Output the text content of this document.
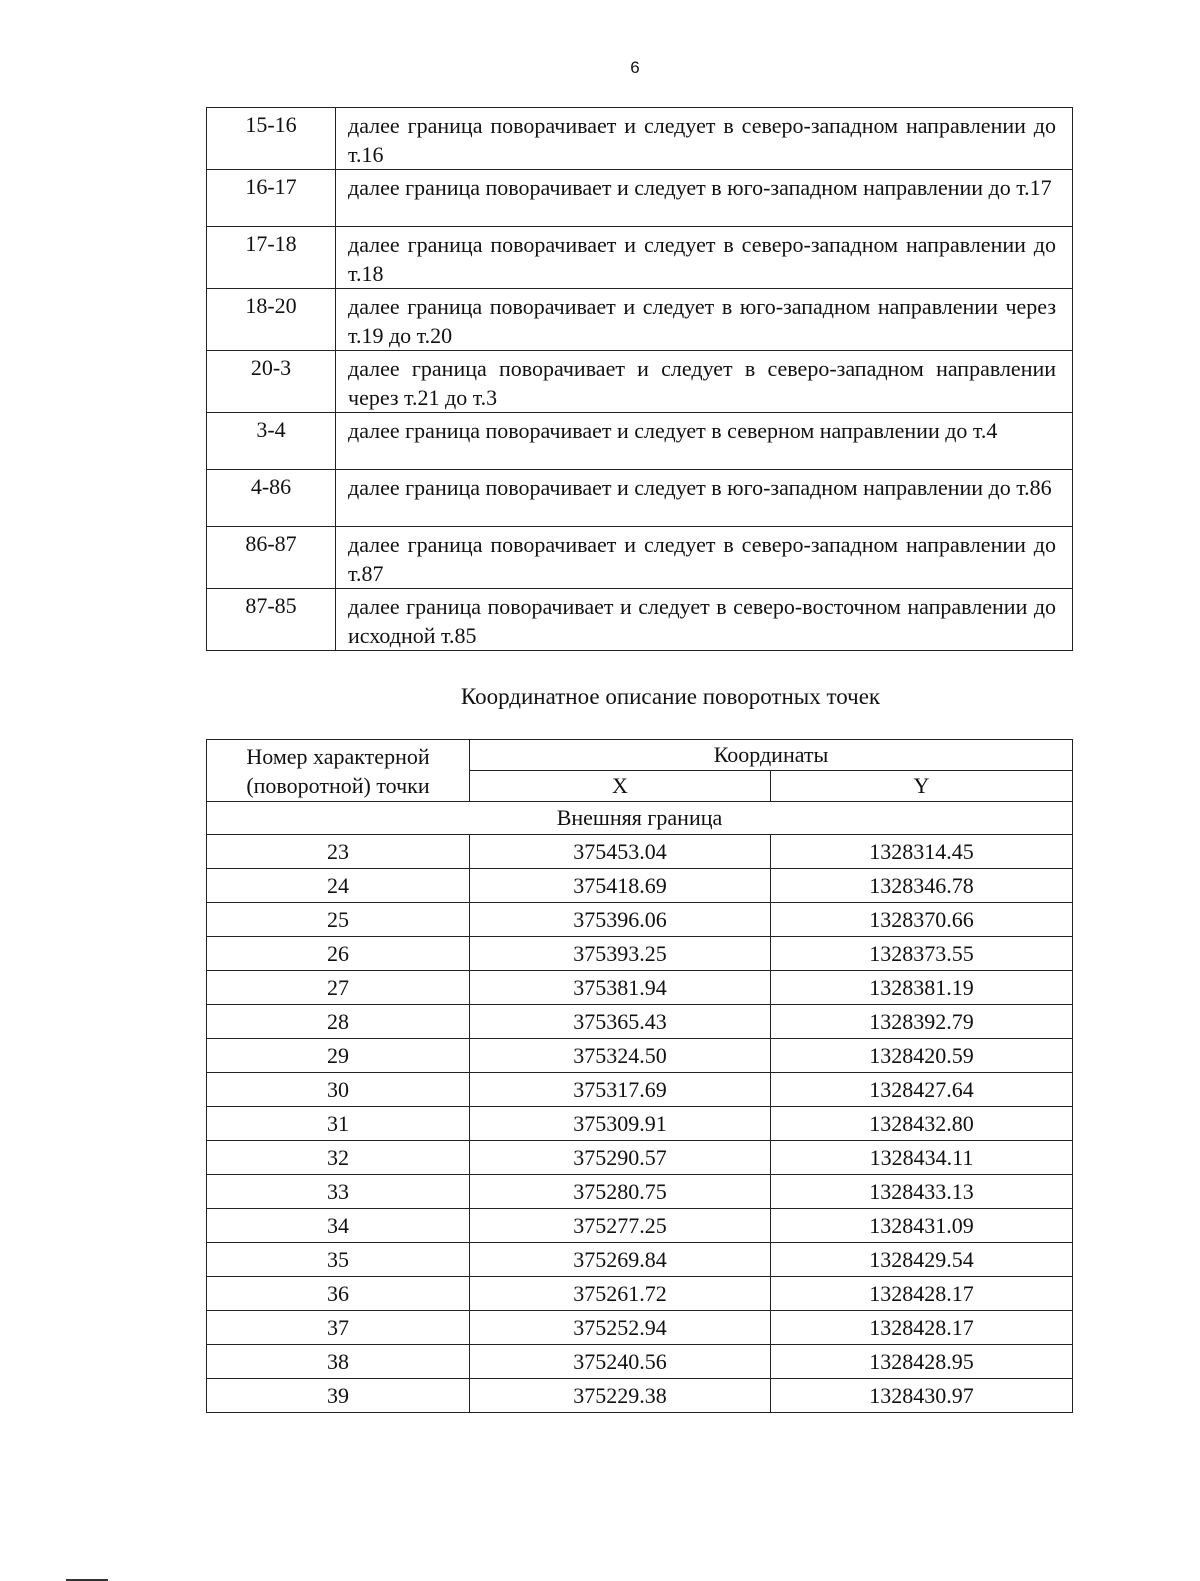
6
15-16	далее граница поворачивает и следует в северо-западном направлении до т.16
16-17	далее граница поворачивает и следует в юго-западном направлении до т.17
17-18	далее граница поворачивает и следует в северо-западном направлении до т.18
18-20	далее граница поворачивает и следует в юго-западном направлении через т.19 до т.20
20-3	далее граница поворачивает и следует в северо-западном направлении через т.21 до т.3
3-4	далее граница поворачивает и следует в северном направлении до т.4
4-86	далее граница поворачивает и следует в юго-западном направлении до т.86
86-87	далее граница поворачивает и следует в северо-западном направлении до т.87
87-85	далее граница поворачивает и следует в северо-восточном направлении до исходной т.85
Координатное описание поворотных точек
Номер характерной
(поворотной) точки	Координаты	
	X	Y
Внешняя граница		
23	375453.04	1328314.45
24	375418.69	1328346.78
25	375396.06	1328370.66
26	375393.25	1328373.55
27	375381.94	1328381.19
28	375365.43	1328392.79
29	375324.50	1328420.59
30	375317.69	1328427.64
31	375309.91	1328432.80
32	375290.57	1328434.11
33	375280.75	1328433.13
34	375277.25	1328431.09
35	375269.84	1328429.54
36	375261.72	1328428.17
37	375252.94	1328428.17
38	375240.56	1328428.95
39	375229.38	1328430.97
